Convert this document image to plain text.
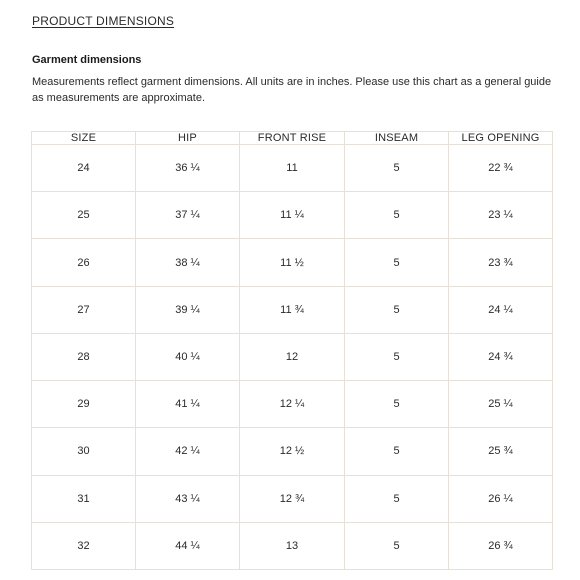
PRODUCT DIMENSIONS
Garment dimensions
Measurements reflect garment dimensions. All units are in inches. Please use this chart as a general guide as measurements are approximate.
SIZE	HIP	FRONT RISE	INSEAM	LEG OPENING
24	36 ¼	11	5	22 ¾
25	37 ¼	11 ¼	5	23 ¼
26	38 ¼	11 ½	5	23 ¾
27	39 ¼	11 ¾	5	24 ¼
28	40 ¼	12	5	24 ¾
29	41 ¼	12 ¼	5	25 ¼
30	42 ¼	12 ½	5	25 ¾
31	43 ¼	12 ¾	5	26 ¼
32	44 ¼	13	5	26 ¾
